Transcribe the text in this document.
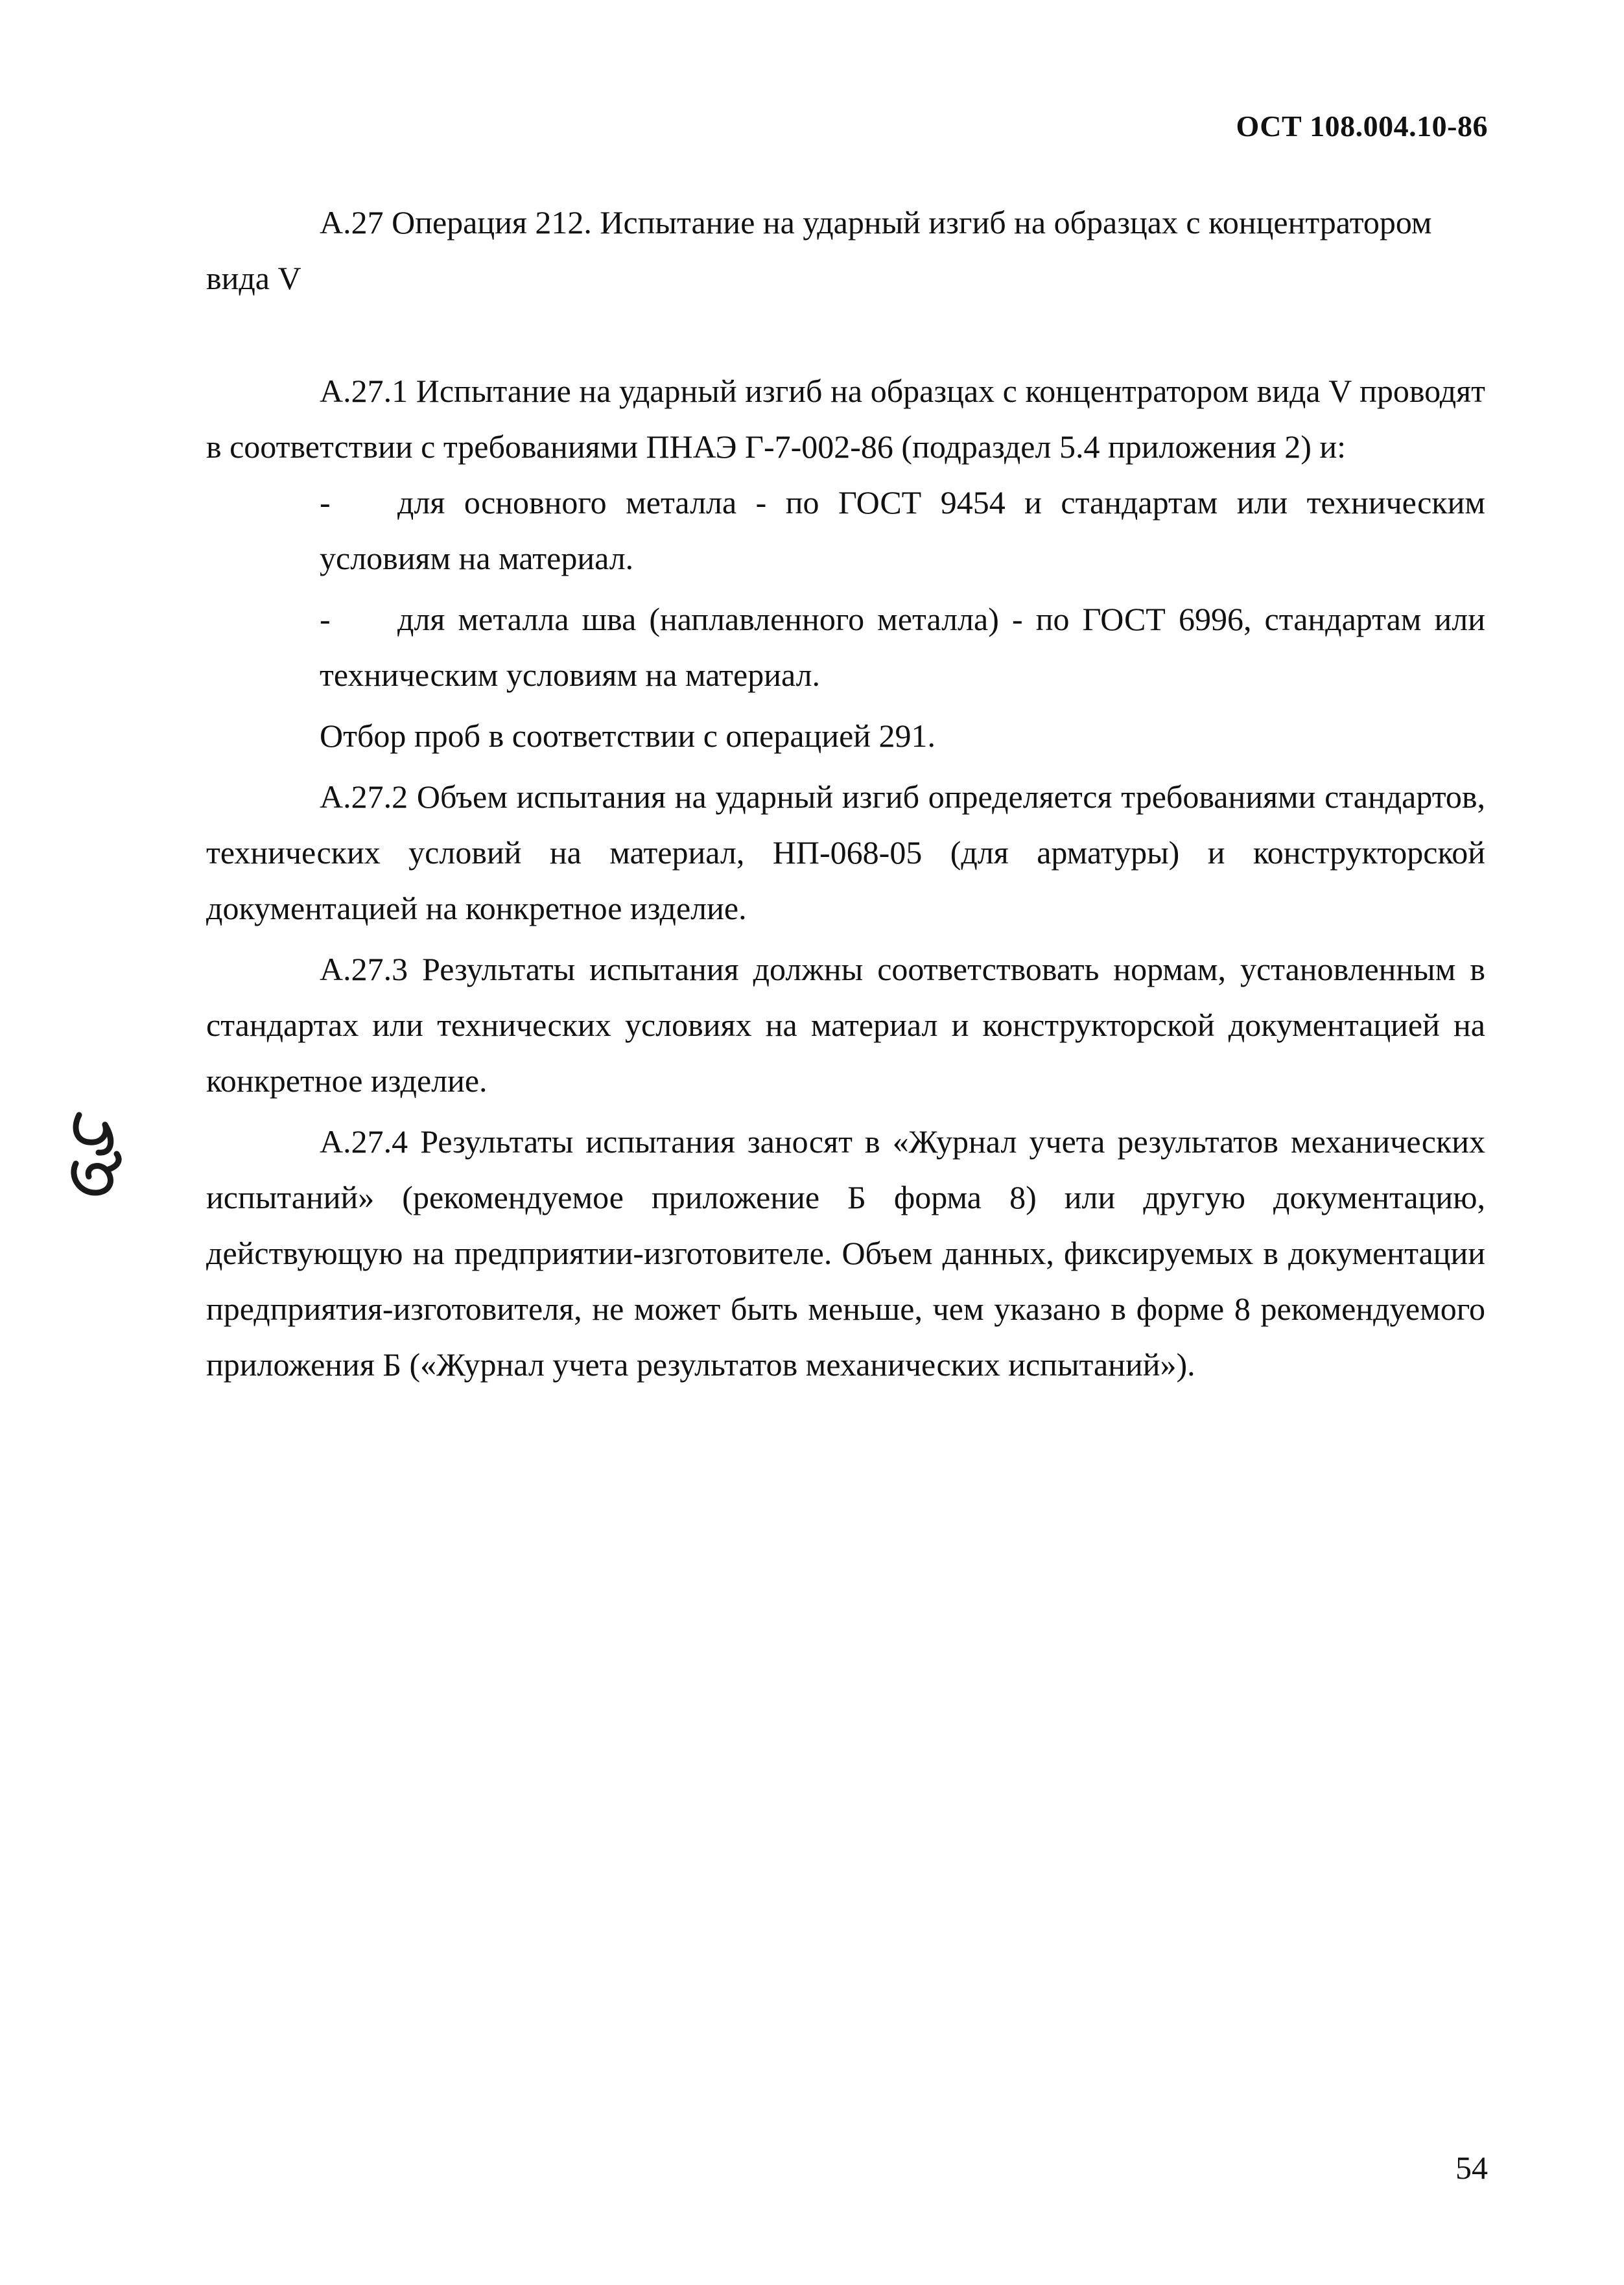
ОСТ 108.004.10-86

А.27 Операция 212. Испытание на ударный изгиб на образцах с концентратором

вида V

А.27.1 Испытание на ударный изгиб на образцах с концентратором вида V проводят в соответствии с требованиями ПНАЭ Г-7-002-86 (подраздел 5.4 приложения 2) и:

-	для основного металла - по ГОСТ 9454 и стандартам или техническим условиям на материал.
-	для металла шва (наплавленного металла) - по ГОСТ 6996, стандартам или техническим условиям на материал.

Отбор проб в соответствии с операцией 291.

А.27.2 Объем испытания на ударный изгиб определяется требованиями стандартов, технических условий на материал, НП-068-05 (для арматуры) и конструкторской документацией на конкретное изделие.

А.27.3 Результаты испытания должны соответствовать нормам, установленным в стандартах или технических условиях на материал и конструкторской документацией на конкретное изделие.

А.27.4 Результаты испытания заносят в «Журнал учета результатов механических испытаний» (рекомендуемое приложение Б форма 8) или другую документацию, действующую на предприятии-изготовителе. Объем данных, фиксируемых в документации предприятия-изготовителя, не может быть меньше, чем указано в форме 8 рекомендуемого приложения Б («Журнал учета результатов механических испытаний»).

54
